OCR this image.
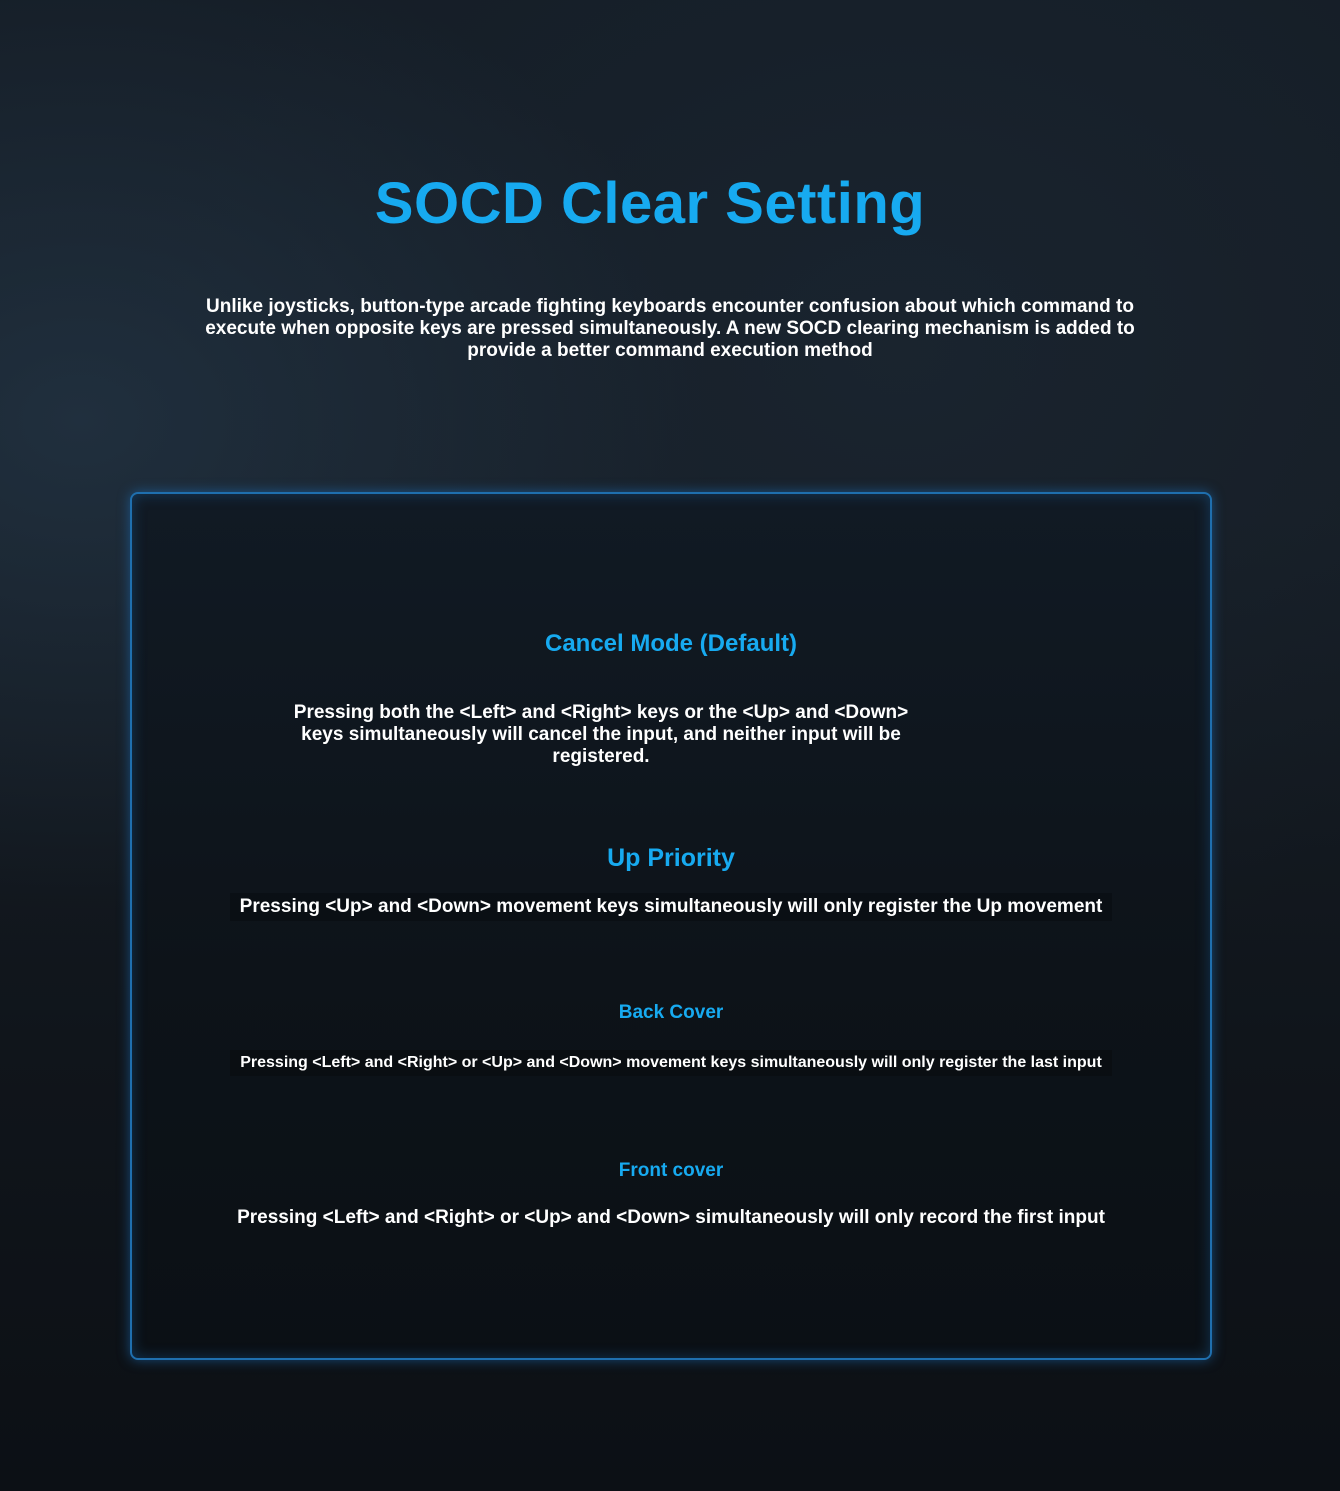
SOCD Clear Setting

Unlike joysticks, button-type arcade fighting keyboards encounter confusion about which command to execute when opposite keys are pressed simultaneously. A new SOCD clearing mechanism is added to provide a better command execution method

Cancel Mode (Default)

Pressing both the <Left> and <Right> keys or the <Up> and <Down> keys simultaneously will cancel the input, and neither input will be registered.

Up Priority

Pressing <Up> and <Down> movement keys simultaneously will only register the Up movement

Back Cover

Pressing <Left> and <Right> or <Up> and <Down> movement keys simultaneously will only register the last input

Front cover

Pressing <Left> and <Right> or <Up> and <Down> simultaneously will only record the first input
